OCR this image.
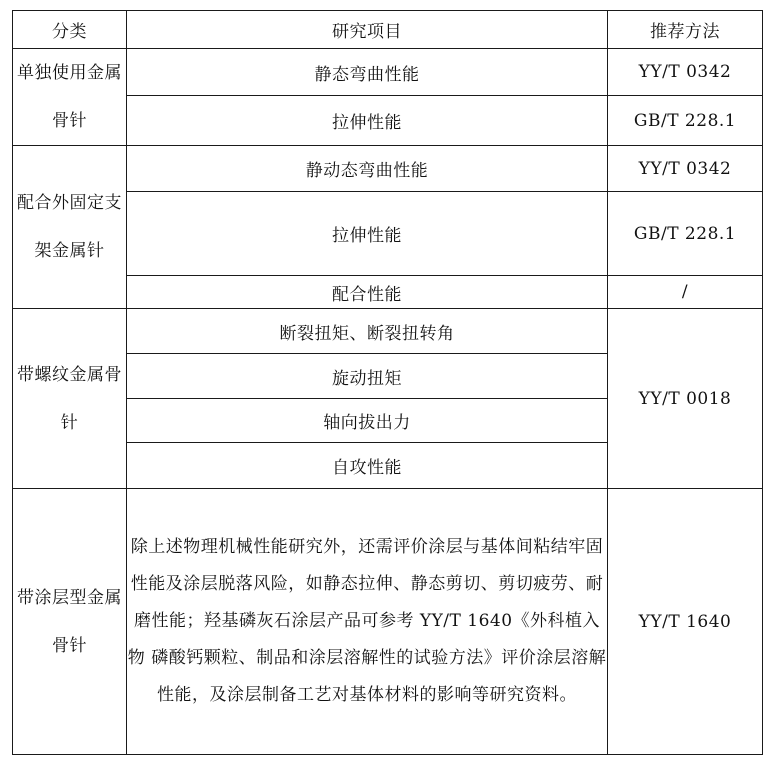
分类	研究项目	推荐方法

单独使用金属骨针	静态弯曲性能	YY/T 0342
	拉伸性能	GB/T 228.1

配合外固定支架金属针	静动态弯曲性能	YY/T 0342
	拉伸性能	GB/T 228.1
	配合性能	/

带螺纹金属骨针	断裂扭矩、断裂扭转角	YY/T 0018
	旋动扭矩	
	轴向拔出力	
	自攻性能	

带涂层型金属骨针	除上述物理机械性能研究外，还需评价涂层与基体间粘结牢固性能及涂层脱落风险，如静态拉伸、静态剪切、剪切疲劳、耐磨性能；羟基磷灰石涂层产品可参考 YY/T 1640《外科植入物 磷酸钙颗粒、制品和涂层溶解性的试验方法》评价涂层溶解性能，及涂层制备工艺对基体材料的影响等研究资料。	YY/T 1640
